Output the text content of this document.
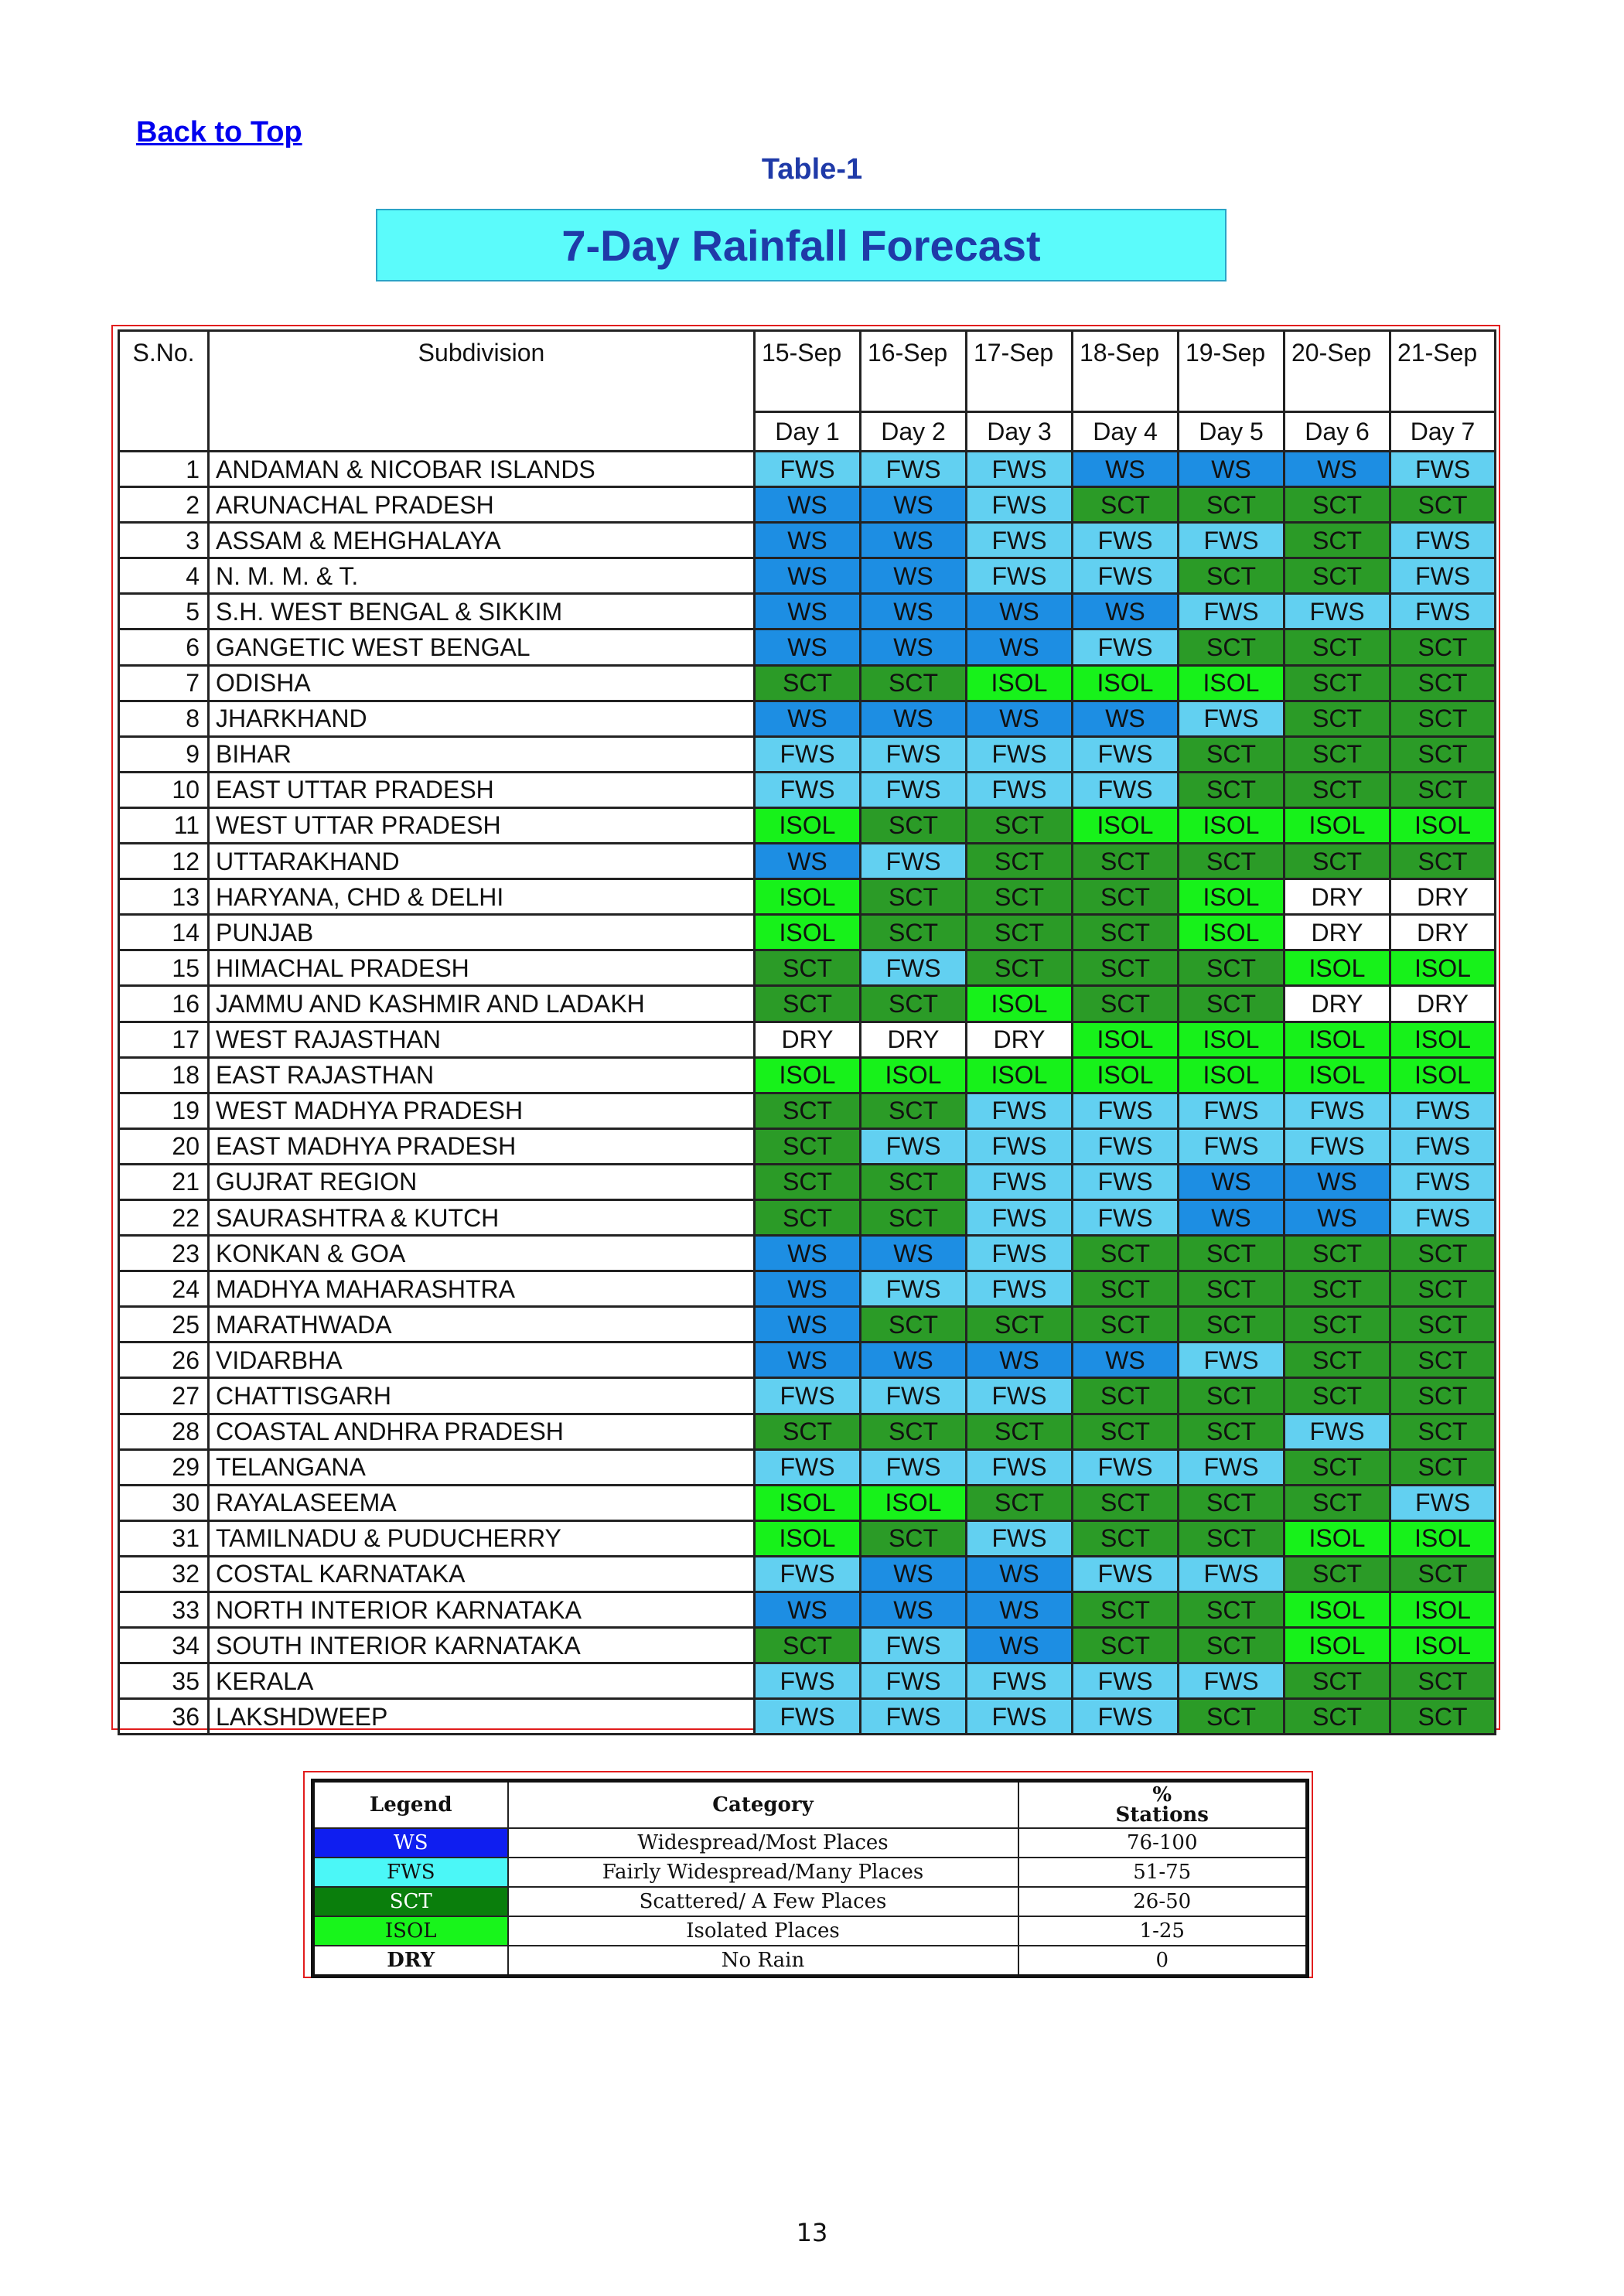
Back to Top
Table-1
7-Day Rainfall Forecast
S.No.	Subdivision	15-Sep	16-Sep	17-Sep	18-Sep	19-Sep	20-Sep	21-Sep
		Day 1	Day 2	Day 3	Day 4	Day 5	Day 6	Day 7
1	ANDAMAN & NICOBAR ISLANDS	FWS	FWS	FWS	WS	WS	WS	FWS
2	ARUNACHAL PRADESH	WS	WS	FWS	SCT	SCT	SCT	SCT
3	ASSAM & MEHGHALAYA	WS	WS	FWS	FWS	FWS	SCT	FWS
4	N. M. M. & T.	WS	WS	FWS	FWS	SCT	SCT	FWS
5	S.H. WEST BENGAL & SIKKIM	WS	WS	WS	WS	FWS	FWS	FWS
6	GANGETIC WEST BENGAL	WS	WS	WS	FWS	SCT	SCT	SCT
7	ODISHA	SCT	SCT	ISOL	ISOL	ISOL	SCT	SCT
8	JHARKHAND	WS	WS	WS	WS	FWS	SCT	SCT
9	BIHAR	FWS	FWS	FWS	FWS	SCT	SCT	SCT
10	EAST UTTAR PRADESH	FWS	FWS	FWS	FWS	SCT	SCT	SCT
11	WEST UTTAR PRADESH	ISOL	SCT	SCT	ISOL	ISOL	ISOL	ISOL
12	UTTARAKHAND	WS	FWS	SCT	SCT	SCT	SCT	SCT
13	HARYANA, CHD & DELHI	ISOL	SCT	SCT	SCT	ISOL	DRY	DRY
14	PUNJAB	ISOL	SCT	SCT	SCT	ISOL	DRY	DRY
15	HIMACHAL PRADESH	SCT	FWS	SCT	SCT	SCT	ISOL	ISOL
16	JAMMU AND KASHMIR AND LADAKH	SCT	SCT	ISOL	SCT	SCT	DRY	DRY
17	WEST RAJASTHAN	DRY	DRY	DRY	ISOL	ISOL	ISOL	ISOL
18	EAST RAJASTHAN	ISOL	ISOL	ISOL	ISOL	ISOL	ISOL	ISOL
19	WEST MADHYA PRADESH	SCT	SCT	FWS	FWS	FWS	FWS	FWS
20	EAST MADHYA PRADESH	SCT	FWS	FWS	FWS	FWS	FWS	FWS
21	GUJRAT REGION	SCT	SCT	FWS	FWS	WS	WS	FWS
22	SAURASHTRA & KUTCH	SCT	SCT	FWS	FWS	WS	WS	FWS
23	KONKAN & GOA	WS	WS	FWS	SCT	SCT	SCT	SCT
24	MADHYA MAHARASHTRA	WS	FWS	FWS	SCT	SCT	SCT	SCT
25	MARATHWADA	WS	SCT	SCT	SCT	SCT	SCT	SCT
26	VIDARBHA	WS	WS	WS	WS	FWS	SCT	SCT
27	CHATTISGARH	FWS	FWS	FWS	SCT	SCT	SCT	SCT
28	COASTAL ANDHRA PRADESH	SCT	SCT	SCT	SCT	SCT	FWS	SCT
29	TELANGANA	FWS	FWS	FWS	FWS	FWS	SCT	SCT
30	RAYALASEEMA	ISOL	ISOL	SCT	SCT	SCT	SCT	FWS
31	TAMILNADU & PUDUCHERRY	ISOL	SCT	FWS	SCT	SCT	ISOL	ISOL
32	COSTAL KARNATAKA	FWS	WS	WS	FWS	FWS	SCT	SCT
33	NORTH INTERIOR KARNATAKA	WS	WS	WS	SCT	SCT	ISOL	ISOL
34	SOUTH INTERIOR KARNATAKA	SCT	FWS	WS	SCT	SCT	ISOL	ISOL
35	KERALA	FWS	FWS	FWS	FWS	FWS	SCT	SCT
36	LAKSHDWEEP	FWS	FWS	FWS	FWS	SCT	SCT	SCT
Legend	Category	% Stations
WS	Widespread/Most Places	76-100
FWS	Fairly Widespread/Many Places	51-75
SCT	Scattered/ A Few Places	26-50
ISOL	Isolated Places	1-25
DRY	No Rain	0
13
